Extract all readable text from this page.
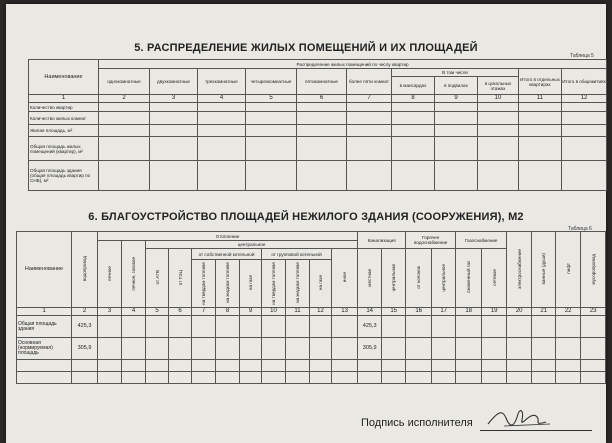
5. РАСПРЕДЕЛЕНИЕ ЖИЛЫХ ПОМЕЩЕНИЙ И ИХ ПЛОЩАДЕЙ
Таблица 5
Наименование	Распределение жилых помещений по числу квартир										
	однокомнатные	двухкомнатные	трехкомнатные	четырехкомнатные	пятикомнатные	более пяти комнат	В том числе			Итого в отдельных квартирах	Итого в общежитиях
							в мансардах	в подвалах	в цокольных этажах		
1	2	3	4	5	6	7	8	9	10	11	12
Количество квартир											
Количество жилых комнат											
Жилая площадь, м²											
Общая площадь жилых помещений (квартир), м²											
Общая площадь здания (общая площадь квартир по СНБ), м²											
6. БЛАГОУСТРОЙСТВО ПЛОЩАДЕЙ НЕЖИЛОГО ЗДАНИЯ (СООРУЖЕНИЯ), М2
Таблица 6
Наименование	водопровод	Отопление											Канализация		Горячее водоснабжение		Газоснабжение		электроснабжение	ванные (души)	лифт	мусоропровод
		печное	печное, газовое	центральное																		
				от АГВ	от ТЭЦ	от собственной котельной			от групповой котельной			иное	местная	центральная	от колонок	центральное	сжиженный газ	сетевое				
						на твердом топливе	на жидком топливе	на газе	на твердом топливе	на жидком топливе	на газе											
1	2	3	4	5	6	7	8	9	10	11	12	13	14	15	16	17	18	19	20	21	22	23
Общая площадь здания	425,3												425,3									
Основная (нормируемая) площадь	305,9												305,9									

Подпись исполнителя
